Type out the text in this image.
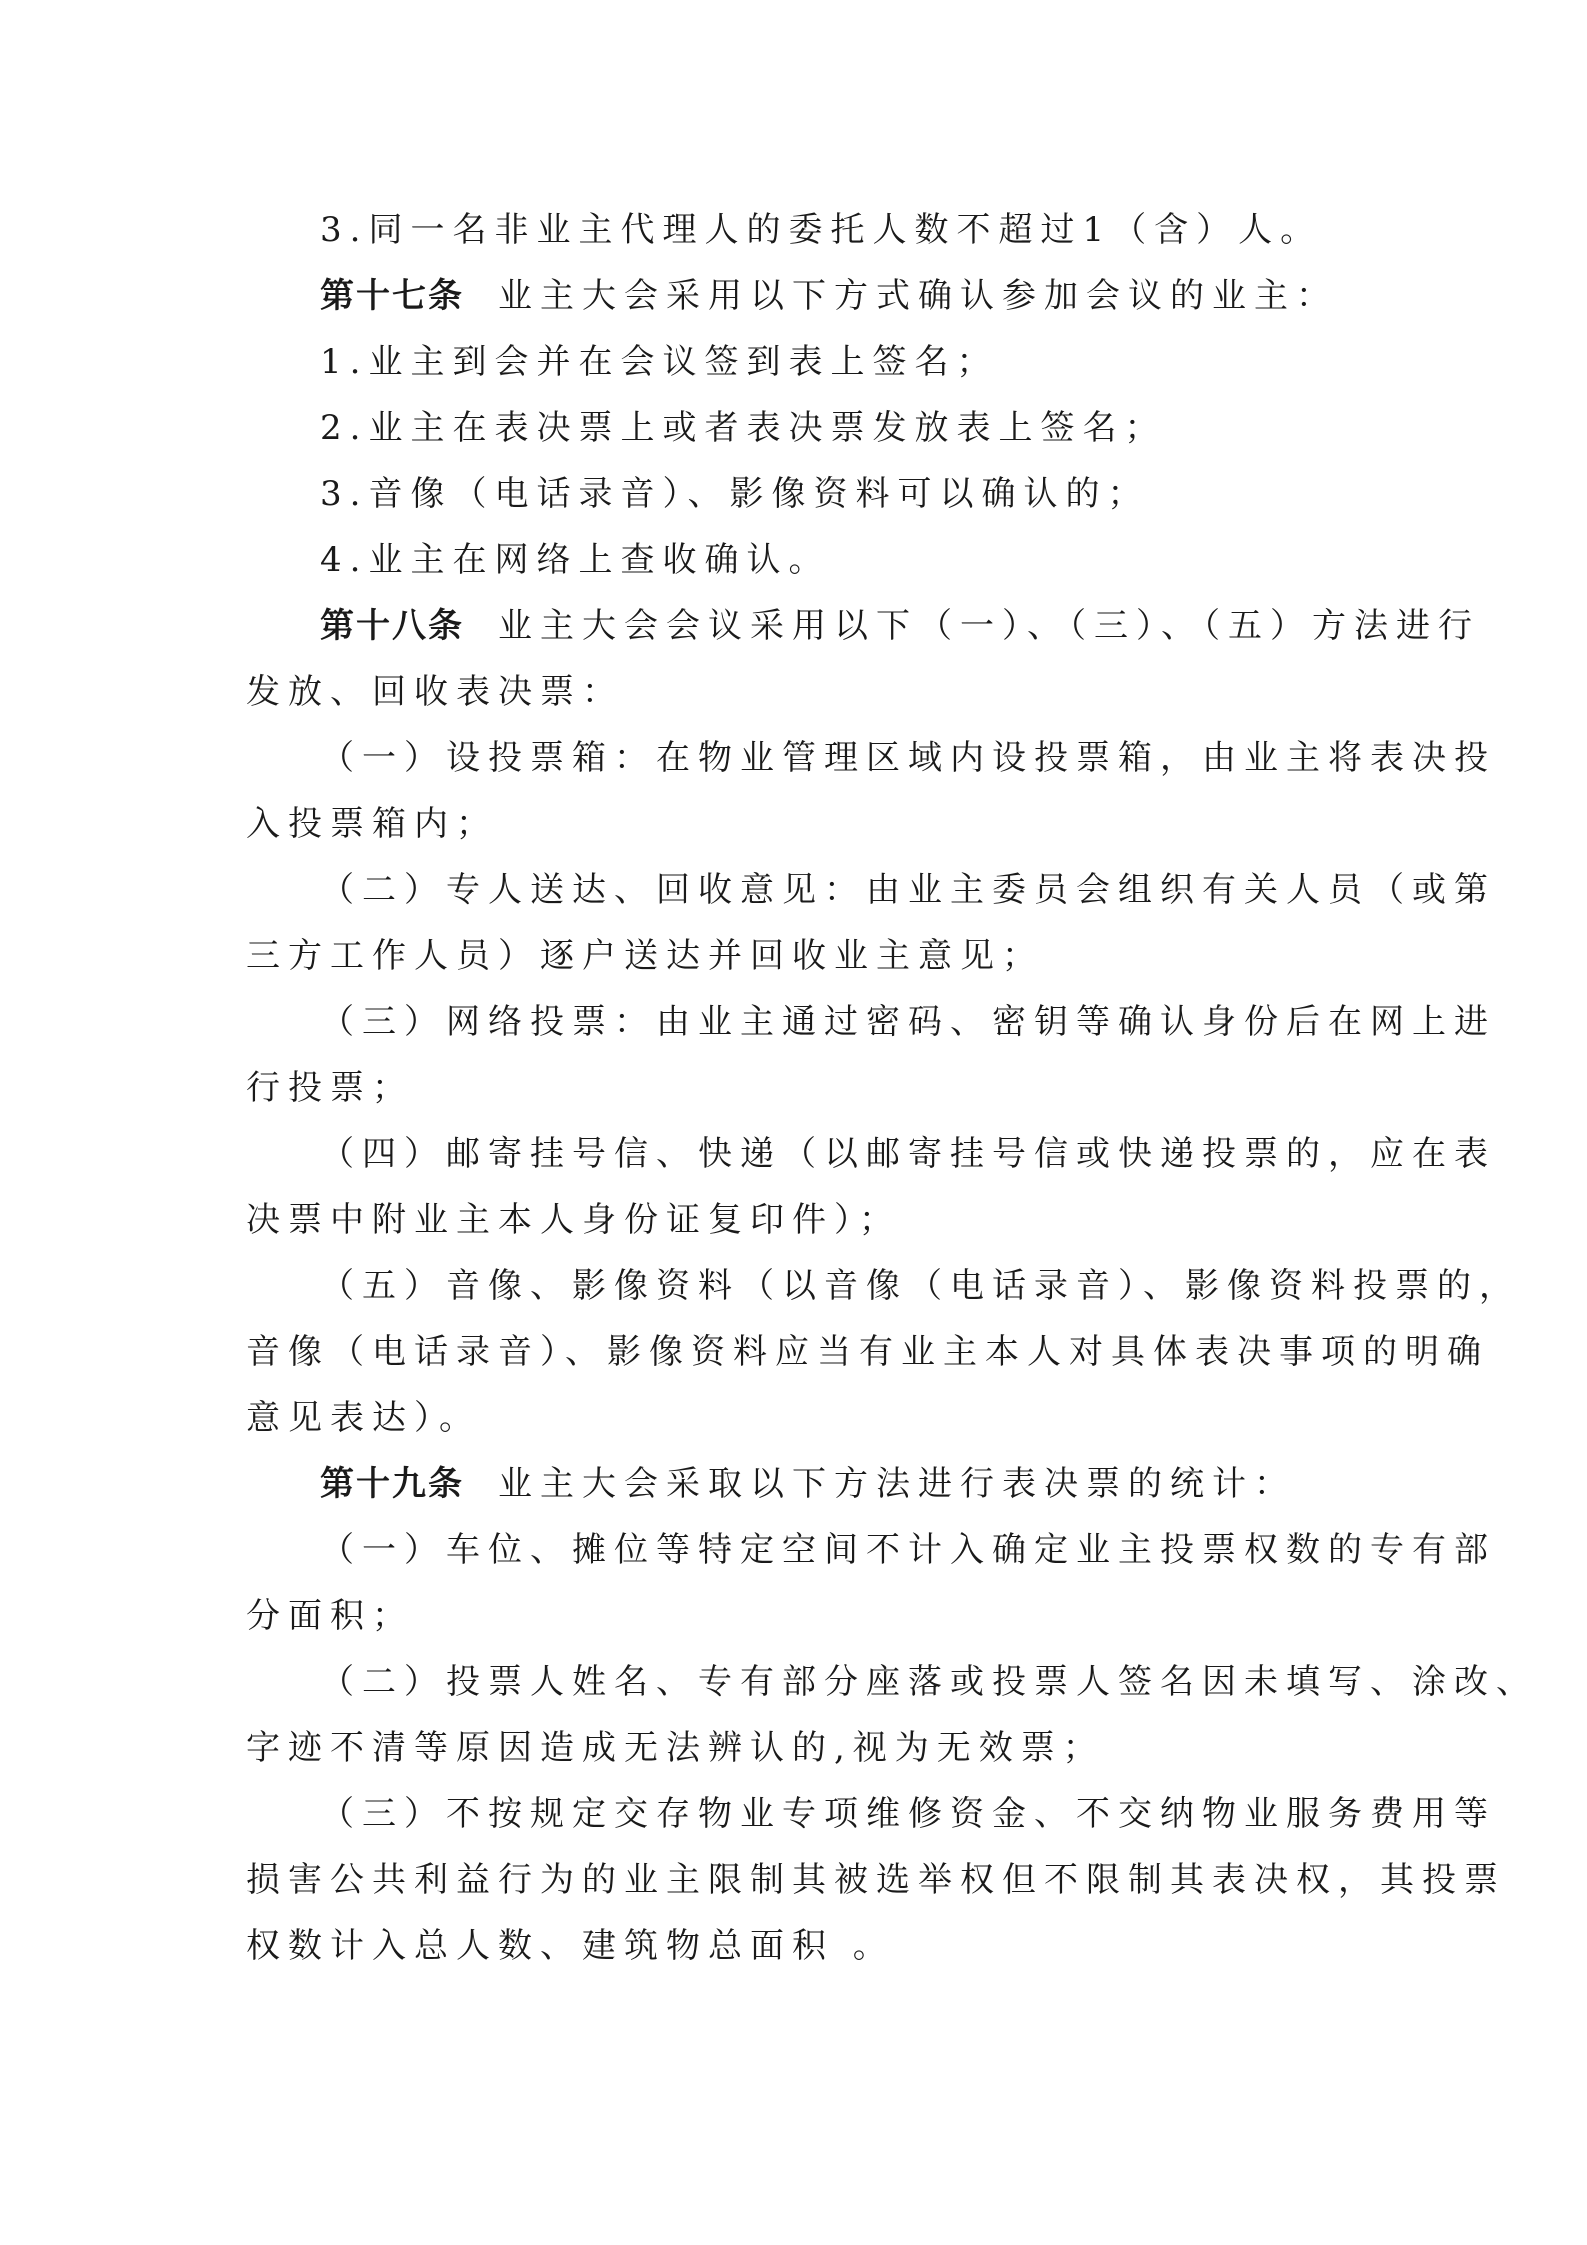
3.同一名非业主代理人的委托人数不超过1（含）人。
第十七条 业主大会采用以下方式确认参加会议的业主：
1.业主到会并在会议签到表上签名；
2.业主在表决票上或者表决票发放表上签名；
3.音像（电话录音）、影像资料可以确认的；
4.业主在网络上查收确认。
第十八条 业主大会会议采用以下（一）、（三）、（五）方法进行
发放、回收表决票：
（一）设投票箱：在物业管理区域内设投票箱，由业主将表决投
入投票箱内；
（二）专人送达、回收意见：由业主委员会组织有关人员（或第
三方工作人员）逐户送达并回收业主意见；
（三）网络投票：由业主通过密码、密钥等确认身份后在网上进
行投票；
（四）邮寄挂号信、快递（以邮寄挂号信或快递投票的，应在表
决票中附业主本人身份证复印件）；
（五）音像、影像资料（以音像（电话录音）、影像资料投票的，
音像（电话录音）、影像资料应当有业主本人对具体表决事项的明确
意见表达）。
第十九条 业主大会采取以下方法进行表决票的统计：
（一）车位、摊位等特定空间不计入确定业主投票权数的专有部
分面积；
（二）投票人姓名、专有部分座落或投票人签名因未填写、涂改、
字迹不清等原因造成无法辨认的,视为无效票；
（三）不按规定交存物业专项维修资金、不交纳物业服务费用等
损害公共利益行为的业主限制其被选举权但不限制其表决权，其投票
权数计入总人数、建筑物总面积 。
